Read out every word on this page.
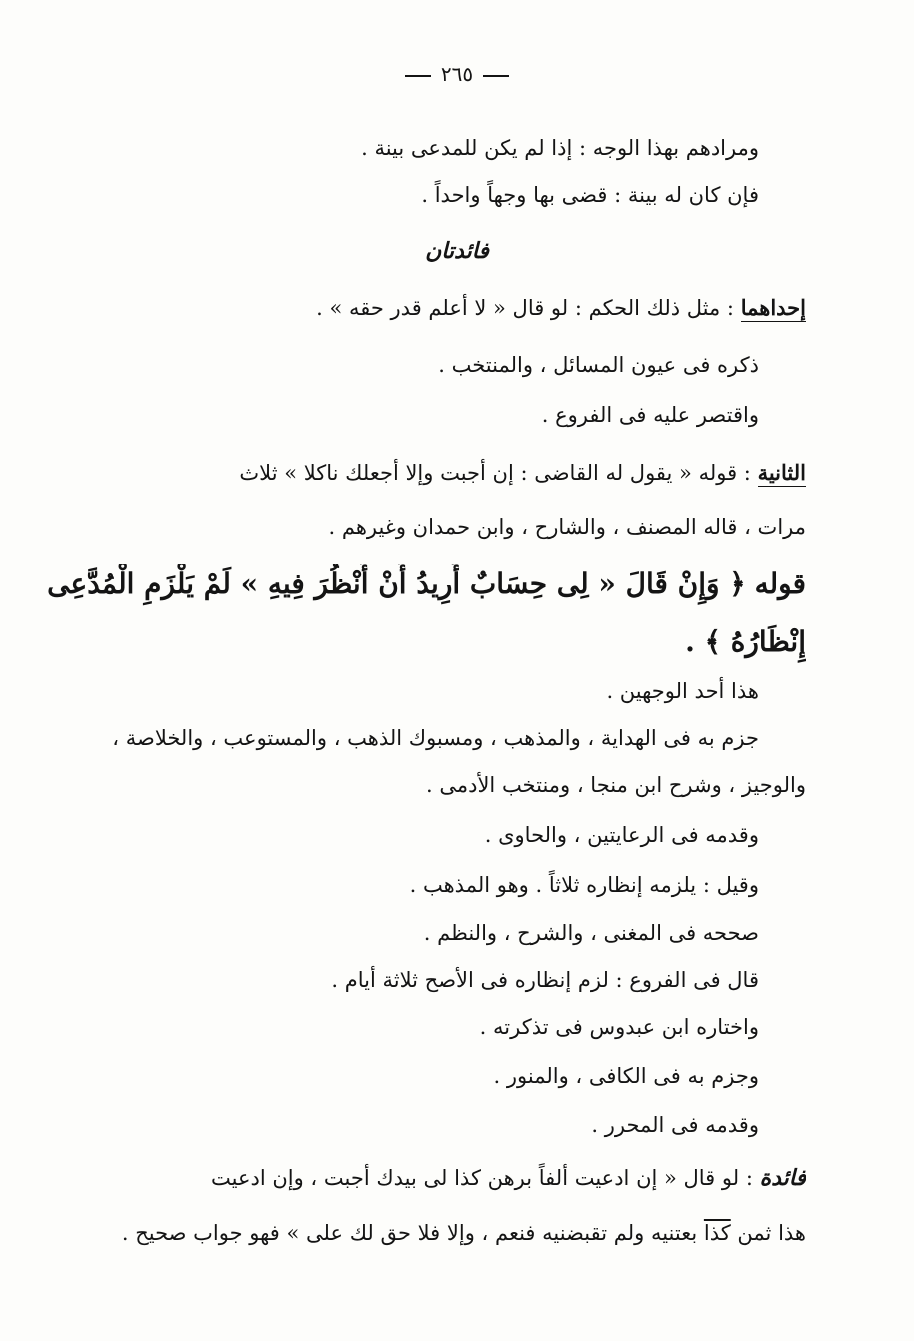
٢٦٥
ومرادهم بهذا الوجه : إذا لم يكن للمدعى بينة .
فإن كان له بينة : قضى بها وجهاً واحداً .
فائدتان
إحداهما : مثل ذلك الحكم : لو قال « لا أعلم قدر حقه » .
ذكره فى عيون المسائل ، والمنتخب .
واقتصر عليه فى الفروع .
الثانية : قوله « يقول له القاضى : إن أجبت وإلا أجعلك ناكلا » ثلاث
مرات ، قاله المصنف ، والشارح ، وابن حمدان وغيرهم .
قوله ﴿ وَإِنْ قَالَ « لِى حِسَابٌ أُرِيدُ أَنْ أَنْظُرَ فِيهِ » لَمْ يَلْزَمِ الْمُدَّعِى
إِنْظَارُهُ ﴾ .
هذا أحد الوجهين .
جزم به فى الهداية ، والمذهب ، ومسبوك الذهب ، والمستوعب ، والخلاصة ،
والوجيز ، وشرح ابن منجا ، ومنتخب الأدمى .
وقدمه فى الرعايتين ، والحاوى .
وقيل : يلزمه إنظاره ثلاثاً . وهو المذهب .
صححه فى المغنى ، والشرح ، والنظم .
قال فى الفروع : لزم إنظاره فى الأصح ثلاثة أيام .
واختاره ابن عبدوس فى تذكرته .
وجزم به فى الكافى ، والمنور .
وقدمه فى المحرر .
فائدة : لو قال « إن ادعيت ألفاً برهن كذا لى بيدك أجبت ، وإن ادعيت
هذا ثمن كذا بعتنيه ولم تقبضنيه فنعم ، وإلا فلا حق لك على » فهو جواب صحيح .
